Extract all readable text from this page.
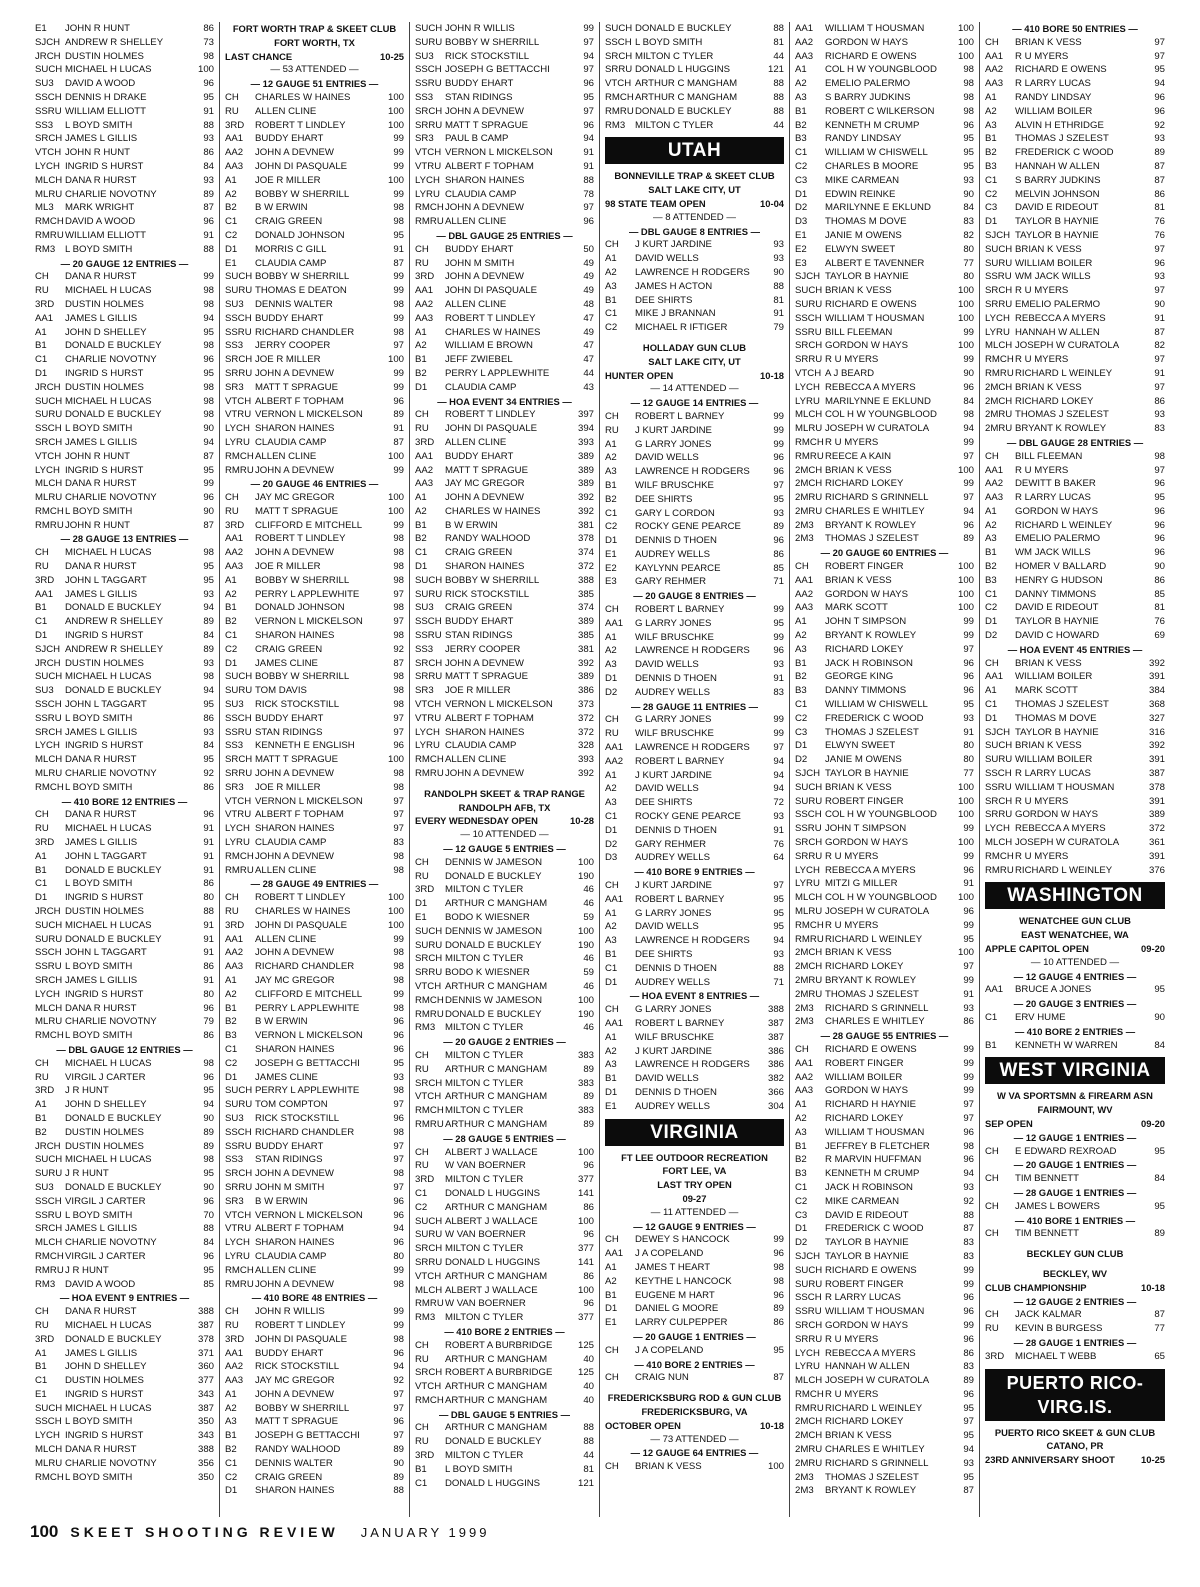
E1	JOHN R HUNT	86
SJCH ANDREW R SHELLEY	73
JRCH DUSTIN HOLMES	98
SUCH MICHAEL H LUCAS	100
SU3	DAVID A WOOD	96
SSCH DENNIS H DRAKE	95
SSRU WILLIAM ELLIOTT	91
SS3	L BOYD SMITH	88
SRCH JAMES L GILLIS	93
VTCH JOHN R HUNT	86
LYCH INGRID S HURST	84
MLCH DANA R HURST	93
MLRU CHARLIE NOVOTNY	89
ML3	MARK WRIGHT	87
RMCH DAVID A WOOD	96
RMRU WILLIAM ELLIOTT	91
RM3	L BOYD SMITH	88
— 20 GAUGE 12 ENTRIES —
CH	DANA R HURST	99
RU	MICHAEL H LUCAS	98
3RD	DUSTIN HOLMES	98
AA1	JAMES L GILLIS	94
A1	JOHN D SHELLEY	95
B1	DONALD E BUCKLEY	98
C1	CHARLIE NOVOTNY	96
D1	INGRID S HURST	95
JRCH DUSTIN HOLMES	98
SUCH MICHAEL H LUCAS	98
SURU DONALD E BUCKLEY	98
SSCH L BOYD SMITH	90
SRCH JAMES L GILLIS	94
VTCH JOHN R HUNT	87
LYCH INGRID S HURST	95
MLCH DANA R HURST	99
MLRU CHARLIE NOVOTNY	96
RMCH L BOYD SMITH	90
RMRU JOHN R HUNT	87
— 28 GAUGE 13 ENTRIES —
CH	MICHAEL H LUCAS	98
RU	DANA R HURST	95
3RD	JOHN L TAGGART	95
AA1	JAMES L GILLIS	93
B1	DONALD E BUCKLEY	94
C1	ANDREW R SHELLEY	89
D1	INGRID S HURST	84
SJCH ANDREW R SHELLEY	89
JRCH DUSTIN HOLMES	93
SUCH MICHAEL H LUCAS	98
SU3	DONALD E BUCKLEY	94
SSCH JOHN L TAGGART	95
SSRU L BOYD SMITH	86
SRCH JAMES L GILLIS	93
LYCH INGRID S HURST	84
MLCH DANA R HURST	95
MLRU CHARLIE NOVOTNY	92
RMCH L BOYD SMITH	86
— 410 BORE 12 ENTRIES —
CH	DANA R HURST	96
RU	MICHAEL H LUCAS	91
3RD	JAMES L GILLIS	91
A1	JOHN L TAGGART	91
B1	DONALD E BUCKLEY	91
C1	L BOYD SMITH	86
D1	INGRID S HURST	80
JRCH DUSTIN HOLMES	88
SUCH MICHAEL H LUCAS	91
SURU DONALD E BUCKLEY	91
SSCH JOHN L TAGGART	91
SSRU L BOYD SMITH	86
SRCH JAMES L GILLIS	91
LYCH INGRID S HURST	80
MLCH DANA R HURST	96
MLRU CHARLIE NOVOTNY	79
RMCH L BOYD SMITH	86
— DBL GAUGE 12 ENTRIES —
CH	MICHAEL H LUCAS	98
RU	VIRGIL J CARTER	96
3RD	J R HUNT	95
A1	JOHN D SHELLEY	94
B1	DONALD E BUCKLEY	90
B2	DUSTIN HOLMES	89
JRCH DUSTIN HOLMES	89
SUCH MICHAEL H LUCAS	98
SURU J R HUNT	95
SU3	DONALD E BUCKLEY	90
SSCH VIRGIL J CARTER	96
SSRU L BOYD SMITH	70
SRCH JAMES L GILLIS	88
MLCH CHARLIE NOVOTNY	84
RMCH VIRGIL J CARTER	96
RMRU J R HUNT	95
RM3	DAVID A WOOD	85
— HOA EVENT 9 ENTRIES —
CH	DANA R HURST	388
RU	MICHAEL H LUCAS	387
3RD	DONALD E BUCKLEY	378
A1	JAMES L GILLIS	371
B1	JOHN D SHELLEY	360
C1	DUSTIN HOLMES	377
E1	INGRID S HURST	343
SUCH MICHAEL H LUCAS	387
SSCH L BOYD SMITH	350
LYCH INGRID S HURST	343
MLCH DANA R HURST	388
MLRU CHARLIE NOVOTNY	356
RMCH L BOYD SMITH	350
FORT WORTH TRAP & SKEET CLUB
FORT WORTH, TX
LAST CHANCE	10-25
— 53 ATTENDED —
— 12 GAUGE 51 ENTRIES —
CH	CHARLES W HAINES	100
RU	ALLEN CLINE	100
3RD	ROBERT T LINDLEY	100
AA1	BUDDY EHART	99
AA2	JOHN A DEVNEW	99
AA3	JOHN DI PASQUALE	99
A1	JOE R MILLER	100
A2	BOBBY W SHERRILL	99
B2	B W ERWIN	98
C1	CRAIG GREEN	98
C2	DONALD JOHNSON	95
D1	MORRIS C GILL	91
E1	CLAUDIA CAMP	87
SUCH BOBBY W SHERRILL	99
SURU THOMAS E DEATON	99
SU3	DENNIS WALTER	98
SSCH BUDDY EHART	99
SSRU RICHARD CHANDLER	98
SS3	JERRY COOPER	97
SRCH JOE R MILLER	100
SRRU JOHN A DEVNEW	99
SR3	MATT T SPRAGUE	99
VTCH ALBERT F TOPHAM	96
VTRU VERNON L MICKELSON	89
LYCH SHARON HAINES	91
LYRU CLAUDIA CAMP	87
RMCH ALLEN CLINE	100
RMRU JOHN A DEVNEW	99
— 20 GAUGE 46 ENTRIES —
CH	JAY MC GREGOR	100
RU	MATT T SPRAGUE	100
3RD	CLIFFORD E MITCHELL	99
AA1	ROBERT T LINDLEY	98
AA2	JOHN A DEVNEW	98
AA3	JOE R MILLER	98
A1	BOBBY W SHERRILL	98
A2	PERRY L APPLEWHITE	97
B1	DONALD JOHNSON	98
B2	VERNON L MICKELSON	97
C1	SHARON HAINES	98
C2	CRAIG GREEN	92
D1	JAMES CLINE	87
SUCH BOBBY W SHERRILL	98
SURU TOM DAVIS	98
SU3	RICK STOCKSTILL	98
SSCH BUDDY EHART	97
SSRU STAN RIDINGS	97
SS3	KENNETH E ENGLISH	96
SRCH MATT T SPRAGUE	100
SRRU JOHN A DEVNEW	98
SR3	JOE R MILLER	98
VTCH VERNON L MICKELSON	97
VTRU ALBERT F TOPHAM	97
LYCH SHARON HAINES	97
LYRU CLAUDIA CAMP	83
RMCH JOHN A DEVNEW	98
RMRU ALLEN CLINE	98
— 28 GAUGE 49 ENTRIES —
CH	ROBERT T LINDLEY	100
RU	CHARLES W HAINES	100
3RD	JOHN DI PASQUALE	100
AA1	ALLEN CLINE	99
AA2	JOHN A DEVNEW	98
AA3	RICHARD CHANDLER	98
A1	JAY MC GREGOR	98
A2	CLIFFORD E MITCHELL	99
B1	PERRY L APPLEWHITE	98
B2	B W ERWIN	96
B3	VERNON L MICKELSON	96
C1	SHARON HAINES	96
C2	JOSEPH G BETTACCHI	95
D1	JAMES CLINE	93
SUCH PERRY L APPLEWHITE	98
SURU TOM COMPTON	97
SU3	RICK STOCKSTILL	96
SSCH RICHARD CHANDLER	98
SSRU BUDDY EHART	97
SS3	STAN RIDINGS	97
SRCH JOHN A DEVNEW	98
SRRU JOHN M SMITH	97
SR3	B W ERWIN	96
VTCH VERNON L MICKELSON	96
VTRU ALBERT F TOPHAM	94
LYCH SHARON HAINES	96
LYRU CLAUDIA CAMP	80
RMCH ALLEN CLINE	99
RMRU JOHN A DEVNEW	98
— 410 BORE 48 ENTRIES —
CH	JOHN R WILLIS	99
RU	ROBERT T LINDLEY	99
3RD	JOHN DI PASQUALE	98
AA1	BUDDY EHART	96
AA2	RICK STOCKSTILL	94
AA3	JAY MC GREGOR	92
A1	JOHN A DEVNEW	97
A2	BOBBY W SHERRILL	97
A3	MATT T SPRAGUE	96
B1	JOSEPH G BETTACCHI	97
B2	RANDY WALHOOD	89
C1	DENNIS WALTER	90
C2	CRAIG GREEN	89
D1	SHARON HAINES	88
SUCH JOHN R WILLIS	99
SURU BOBBY W SHERRILL	97
SU3	RICK STOCKSTILL	94
SSCH JOSEPH G BETTACCHI	97
SSRU BUDDY EHART	96
SS3	STAN RIDINGS	95
SRCH JOHN A DEVNEW	97
SRRU MATT T SPRAGUE	96
SR3	PAUL B CAMP	94
VTCH VERNON L MICKELSON	91
VTRU ALBERT F TOPHAM	91
LYCH SHARON HAINES	88
LYRU CLAUDIA CAMP	78
RMCH JOHN A DEVNEW	97
RMRU ALLEN CLINE	96
— DBL GAUGE 25 ENTRIES —
CH	BUDDY EHART	50
RU	JOHN M SMITH	49
3RD	JOHN A DEVNEW	49
AA1	JOHN DI PASQUALE	49
AA2	ALLEN CLINE	48
AA3	ROBERT T LINDLEY	47
A1	CHARLES W HAINES	49
A2	WILLIAM E BROWN	47
B1	JEFF ZWIEBEL	47
B2	PERRY L APPLEWHITE	44
D1	CLAUDIA CAMP	43
— HOA EVENT 34 ENTRIES —
CH	ROBERT T LINDLEY	397
RU	JOHN DI PASQUALE	394
3RD	ALLEN CLINE	393
AA1	BUDDY EHART	389
AA2	MATT T SPRAGUE	389
AA3	JAY MC GREGOR	389
A1	JOHN A DEVNEW	392
A2	CHARLES W HAINES	392
B1	B W ERWIN	381
B2	RANDY WALHOOD	378
C1	CRAIG GREEN	374
D1	SHARON HAINES	372
SUCH BOBBY W SHERRILL	388
SURU RICK STOCKSTILL	385
SU3	CRAIG GREEN	374
SSCH BUDDY EHART	389
SSRU STAN RIDINGS	385
SS3	JERRY COOPER	381
SRCH JOHN A DEVNEW	392
SRRU MATT T SPRAGUE	389
SR3	JOE R MILLER	386
VTCH VERNON L MICKELSON	373
VTRU ALBERT F TOPHAM	372
LYCH SHARON HAINES	372
LYRU CLAUDIA CAMP	328
RMCH ALLEN CLINE	393
RMRU JOHN A DEVNEW	392
RANDOLPH SKEET & TRAP RANGE
RANDOLPH AFB, TX
EVERY WEDNESDAY OPEN	10-28
— 10 ATTENDED —
— 12 GAUGE 5 ENTRIES —
CH	DENNIS W JAMESON	100
RU	DONALD E BUCKLEY	190
3RD	MILTON C TYLER	46
D1	ARTHUR C MANGHAM	46
E1	BODO K WIESNER	59
SUCH DENNIS W JAMESON	100
SURU DONALD E BUCKLEY	190
SRCH MILTON C TYLER	46
SRRU BODO K WIESNER	59
VTCH ARTHUR C MANGHAM	46
RMCH DENNIS W JAMESON	100
RMRU DONALD E BUCKLEY	190
RM3	MILTON C TYLER	46
— 20 GAUGE 2 ENTRIES —
CH	MILTON C TYLER	383
RU	ARTHUR C MANGHAM	89
SRCH MILTON C TYLER	383
VTCH ARTHUR C MANGHAM	89
RMCH MILTON C TYLER	383
RMRU ARTHUR C MANGHAM	89
— 28 GAUGE 5 ENTRIES —
CH	ALBERT J WALLACE	100
RU	W VAN BOERNER	96
3RD	MILTON C TYLER	377
C1	DONALD L HUGGINS	141
C2	ARTHUR C MANGHAM	86
SUCH ALBERT J WALLACE	100
SURU W VAN BOERNER	96
SRCH MILTON C TYLER	377
SRRU DONALD L HUGGINS	141
VTCH ARTHUR C MANGHAM	86
MLCH ALBERT J WALLACE	100
RMRU W VAN BOERNER	96
RM3	MILTON C TYLER	377
— 410 BORE 2 ENTRIES —
CH	ROBERT A BURBRIDGE	125
RU	ARTHUR C MANGHAM	40
SRCH ROBERT A BURBRIDGE	125
VTCH ARTHUR C MANGHAM	40
RMCH ARTHUR C MANGHAM	40
— DBL GAUGE 5 ENTRIES —
CH	ARTHUR C MANGHAM	88
RU	DONALD E BUCKLEY	88
3RD	MILTON C TYLER	44
B1	L BOYD SMITH	81
C1	DONALD L HUGGINS	121
SUCH DONALD E BUCKLEY	88
SSCH L BOYD SMITH	81
SRCH MILTON C TYLER	44
SRRU DONALD L HUGGINS	121
VTCH ARTHUR C MANGHAM	88
RMCH ARTHUR C MANGHAM	88
RMRU DONALD E BUCKLEY	88
RM3	MILTON C TYLER	44
UTAH
BONNEVILLE TRAP & SKEET CLUB
SALT LAKE CITY, UT
98 STATE TEAM OPEN	10-04
— 8 ATTENDED —
— DBL GAUGE 8 ENTRIES —
CH	J KURT JARDINE	93
A1	DAVID WELLS	93
A2	LAWRENCE H RODGERS	90
A3	JAMES H ACTON	88
B1	DEE SHIRTS	81
C1	MIKE J BRANNAN	91
C2	MICHAEL R IFTIGER	79
HOLLADAY GUN CLUB
SALT LAKE CITY, UT
HUNTER OPEN	10-18
— 14 ATTENDED —
— 12 GAUGE 14 ENTRIES —
CH	ROBERT L BARNEY	99
RU	J KURT JARDINE	99
A1	G LARRY JONES	99
A2	DAVID WELLS	96
A3	LAWRENCE H RODGERS	96
B1	WILF BRUSCHKE	97
B2	DEE SHIRTS	95
C1	GARY L CORDON	93
C2	ROCKY GENE PEARCE	89
D1	DENNIS D THOEN	96
E1	AUDREY WELLS	86
E2	KAYLYNN PEARCE	85
E3	GARY REHMER	71
— 20 GAUGE 8 ENTRIES —
CH	ROBERT L BARNEY	99
AA1	G LARRY JONES	95
A1	WILF BRUSCHKE	99
A2	LAWRENCE H RODGERS	96
A3	DAVID WELLS	93
D1	DENNIS D THOEN	91
D2	AUDREY WELLS	83
— 28 GAUGE 11 ENTRIES —
CH	G LARRY JONES	99
RU	WILF BRUSCHKE	99
AA1	LAWRENCE H RODGERS	97
AA2	ROBERT L BARNEY	94
A1	J KURT JARDINE	94
A2	DAVID WELLS	94
A3	DEE SHIRTS	72
C1	ROCKY GENE PEARCE	93
D1	DENNIS D THOEN	91
D2	GARY REHMER	76
D3	AUDREY WELLS	64
— 410 BORE 9 ENTRIES —
CH	J KURT JARDINE	97
AA1	ROBERT L BARNEY	95
A1	G LARRY JONES	95
A2	DAVID WELLS	95
A3	LAWRENCE H RODGERS	94
B1	DEE SHIRTS	93
C1	DENNIS D THOEN	88
D1	AUDREY WELLS	71
— HOA EVENT 8 ENTRIES —
CH	G LARRY JONES	388
AA1	ROBERT L BARNEY	387
A1	WILF BRUSCHKE	387
A2	J KURT JARDINE	386
A3	LAWRENCE H RODGERS	386
B1	DAVID WELLS	382
D1	DENNIS D THOEN	366
E1	AUDREY WELLS	304
VIRGINIA
FT LEE OUTDOOR RECREATION
FORT LEE, VA
LAST TRY OPEN
09-27
— 11 ATTENDED —
— 12 GAUGE 9 ENTRIES —
CH	DEWEY S HANCOCK	99
AA1	J A COPELAND	96
A1	JAMES T HEART	98
A2	KEYTHE L HANCOCK	98
B1	EUGENE M HART	96
D1	DANIEL G MOORE	89
E1	LARRY CULPEPPER	86
— 20 GAUGE 1 ENTRIES —
CH	J A COPELAND	95
— 410 BORE 2 ENTRIES —
CH	CRAIG NUN	87
FREDERICKSBURG ROD & GUN CLUB
FREDERICKSBURG, VA
OCTOBER OPEN	10-18
— 73 ATTENDED —
— 12 GAUGE 64 ENTRIES —
CH	BRIAN K VESS	100
AA1	WILLIAM T HOUSMAN	100
AA2	GORDON W HAYS	100
AA3	RICHARD E OWENS	100
A1	COL H W YOUNGBLOOD	98
A2	EMELIO PALERMO	98
A3	S BARRY JUDKINS	98
B1	ROBERT C WILKERSON	98
B2	KENNETH M CRUMP	96
B3	RANDY LINDSAY	95
C1	WILLIAM W CHISWELL	95
C2	CHARLES B MOORE	95
C3	MIKE CARMEAN	93
D1	EDWIN REINKE	90
D2	MARILYNNE E EKLUND	84
D3	THOMAS M DOVE	83
E1	JANIE M OWENS	82
E2	ELWYN SWEET	80
E3	ALBERT E TAVENNER	77
SJCH TAYLOR B HAYNIE	80
SUCH BRIAN K VESS	100
SURU RICHARD E OWENS	100
SSCH WILLIAM T HOUSMAN	100
SSRU BILL FLEEMAN	99
SRCH GORDON W HAYS	100
SRRU R U MYERS	99
VTCH A J BEARD	90
LYCH REBECCA A MYERS	96
LYRU MARILYNNE E EKLUND	84
MLCH COL H W YOUNGBLOOD	98
MLRU JOSEPH W CURATOLA	94
RMCH R U MYERS	99
RMRU REECE A KAIN	97
2MCH BRIAN K VESS	100
2MCH RICHARD LOKEY	99
2MRU RICHARD S GRINNELL	97
2MRU CHARLES E WHITLEY	94
2M3	BRYANT K ROWLEY	96
2M3	THOMAS J SZELEST	89
— 20 GAUGE 60 ENTRIES —
CH	ROBERT FINGER	100
AA1	BRIAN K VESS	100
AA2	GORDON W HAYS	100
AA3	MARK SCOTT	100
A1	JOHN T SIMPSON	99
A2	BRYANT K ROWLEY	99
A3	RICHARD LOKEY	97
B1	JACK H ROBINSON	96
B2	GEORGE KING	96
B3	DANNY TIMMONS	96
C1	WILLIAM W CHISWELL	95
C2	FREDERICK C WOOD	93
C3	THOMAS J SZELEST	91
D1	ELWYN SWEET	80
D2	JANIE M OWENS	80
SJCH TAYLOR B HAYNIE	77
SUCH BRIAN K VESS	100
SURU ROBERT FINGER	100
SSCH COL H W YOUNGBLOOD	100
SSRU JOHN T SIMPSON	99
SRCH GORDON W HAYS	100
SRRU R U MYERS	99
LYCH REBECCA A MYERS	96
LYRU MITZI G MILLER	91
MLCH COL H W YOUNGBLOOD	100
MLRU JOSEPH W CURATOLA	96
RMCH R U MYERS	99
RMRU RICHARD L WEINLEY	95
2MCH BRIAN K VESS	100
2MCH RICHARD LOKEY	97
2MRU BRYANT K ROWLEY	99
2MRU THOMAS J SZELEST	91
2M3	RICHARD S GRINNELL	93
2M3	CHARLES E WHITLEY	86
— 28 GAUGE 55 ENTRIES —
CH	RICHARD E OWENS	99
AA1	ROBERT FINGER	99
AA2	WILLIAM BOILER	99
AA3	GORDON W HAYS	99
A1	RICHARD H HAYNIE	97
A2	RICHARD LOKEY	97
A3	WILLIAM T HOUSMAN	96
B1	JEFFREY B FLETCHER	98
B2	R MARVIN HUFFMAN	96
B3	KENNETH M CRUMP	94
C1	JACK H ROBINSON	93
C2	MIKE CARMEAN	92
C3	DAVID E RIDEOUT	88
D1	FREDERICK C WOOD	87
D2	TAYLOR B HAYNIE	83
SJCH TAYLOR B HAYNIE	83
SUCH RICHARD E OWENS	99
SURU ROBERT FINGER	99
SSCH R LARRY LUCAS	96
SSRU WILLIAM T HOUSMAN	96
SRCH GORDON W HAYS	99
SRRU R U MYERS	96
LYCH REBECCA A MYERS	86
LYRU HANNAH W ALLEN	83
MLCH JOSEPH W CURATOLA	89
RMCH R U MYERS	96
RMRU RICHARD L WEINLEY	95
2MCH RICHARD LOKEY	97
2MCH BRIAN K VESS	95
2MRU CHARLES E WHITLEY	94
2MRU RICHARD S GRINNELL	93
2M3	THOMAS J SZELEST	95
2M3	BRYANT K ROWLEY	87
— 410 BORE 50 ENTRIES —
CH	BRIAN K VESS	97
AA1	R U MYERS	97
AA2	RICHARD E OWENS	95
AA3	R LARRY LUCAS	94
A1	RANDY LINDSAY	96
A2	WILLIAM BOILER	96
A3	ALVIN H ETHRIDGE	92
B1	THOMAS J SZELEST	93
B2	FREDERICK C WOOD	89
B3	HANNAH W ALLEN	87
C1	S BARRY JUDKINS	87
C2	MELVIN JOHNSON	86
C3	DAVID E RIDEOUT	81
D1	TAYLOR B HAYNIE	76
SJCH TAYLOR B HAYNIE	76
SUCH BRIAN K VESS	97
SURU WILLIAM BOILER	96
SSRU WM JACK WILLS	93
SRCH R U MYERS	97
SRRU EMELIO PALERMO	90
LYCH REBECCA A MYERS	91
LYRU HANNAH W ALLEN	87
MLCH JOSEPH W CURATOLA	82
RMCH R U MYERS	97
RMRU RICHARD L WEINLEY	91
2MCH BRIAN K VESS	97
2MCH RICHARD LOKEY	86
2MRU THOMAS J SZELEST	93
2MRU BRYANT K ROWLEY	83
— DBL GAUGE 28 ENTRIES —
CH	BILL FLEEMAN	98
AA1	R U MYERS	97
AA2	DEWITT B BAKER	96
AA3	R LARRY LUCAS	95
A1	GORDON W HAYS	96
A2	RICHARD L WEINLEY	96
A3	EMELIO PALERMO	96
B1	WM JACK WILLS	96
B2	HOMER V BALLARD	90
B3	HENRY G HUDSON	86
C1	DANNY TIMMONS	85
C2	DAVID E RIDEOUT	81
D1	TAYLOR B HAYNIE	76
D2	DAVID C HOWARD	69
— HOA EVENT 45 ENTRIES —
CH	BRIAN K VESS	392
AA1	WILLIAM BOILER	391
A1	MARK SCOTT	384
C1	THOMAS J SZELEST	368
D1	THOMAS M DOVE	327
SJCH TAYLOR B HAYNIE	316
SUCH BRIAN K VESS	392
SURU WILLIAM BOILER	391
SSCH R LARRY LUCAS	387
SSRU WILLIAM T HOUSMAN	378
SRCH R U MYERS	391
SRRU GORDON W HAYS	389
LYCH REBECCA A MYERS	372
MLCH JOSEPH W CURATOLA	361
RMCH R U MYERS	391
RMRU RICHARD L WEINLEY	376
WASHINGTON
WENATCHEE GUN CLUB
EAST WENATCHEE, WA
APPLE CAPITOL OPEN	09-20
— 10 ATTENDED —
— 12 GAUGE 4 ENTRIES —
AA1	BRUCE A JONES	95
— 20 GAUGE 3 ENTRIES —
C1	ERV HUME	90
— 410 BORE 2 ENTRIES —
B1	KENNETH W WARREN	84
WEST VIRGINIA
W VA SPORTSMN & FIREARM ASN
FAIRMOUNT, WV
SEP OPEN	09-20
— 12 GAUGE 1 ENTRIES —
CH	E EDWARD REXROAD	95
— 20 GAUGE 1 ENTRIES —
CH	TIM BENNETT	84
— 28 GAUGE 1 ENTRIES —
CH	JAMES L BOWERS	95
— 410 BORE 1 ENTRIES —
CH	TIM BENNETT	89
BECKLEY GUN CLUB
BECKLEY, WV
CLUB CHAMPIONSHIP	10-18
— 12 GAUGE 2 ENTRIES —
CH	JACK KALMAR	87
RU	KEVIN B BURGESS	77
— 28 GAUGE 1 ENTRIES —
3RD	MICHAEL T WEBB	65
PUERTO RICO-
VIRG.IS.
PUERTO RICO SKEET & GUN CLUB
CATANO, PR
23RD ANNIVERSARY SHOOT	10-25
100 SKEET SHOOTING REVIEW JANUARY 1999
